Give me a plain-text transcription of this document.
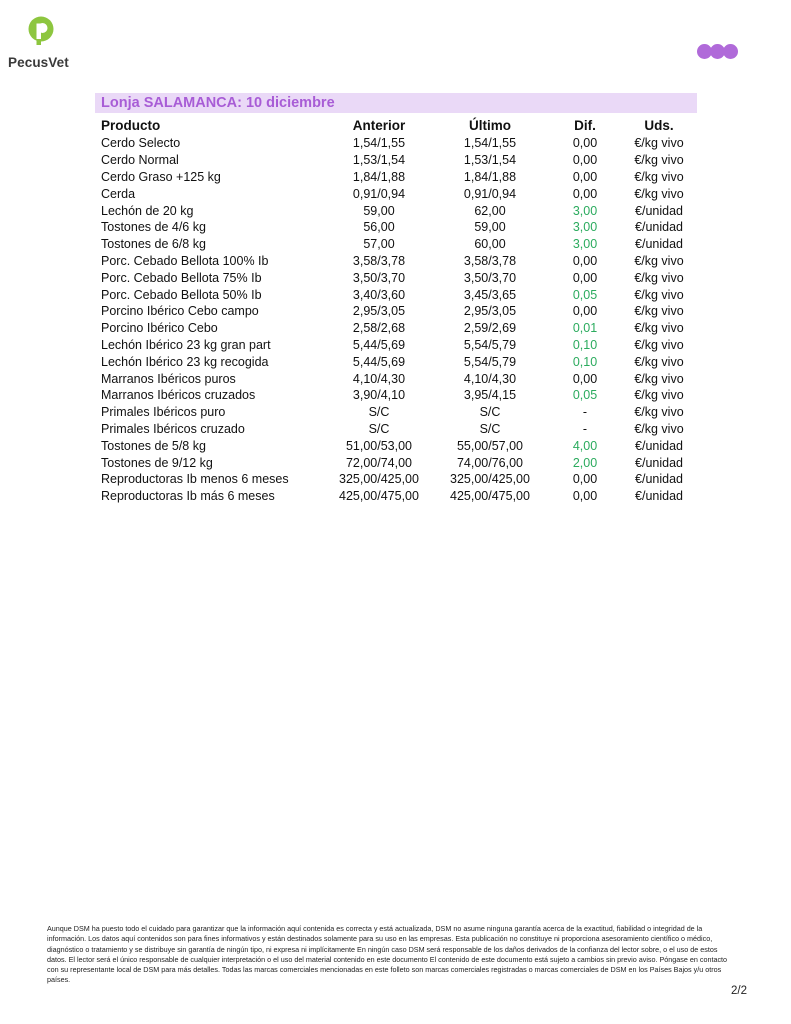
P
PecusVet
Lonja SALAMANCA: 10 diciembre
Producto	Anterior	Último	Dif.	Uds.
Cerdo Selecto	1,54/1,55	1,54/1,55	0,00	€/kg vivo
Cerdo Normal	1,53/1,54	1,53/1,54	0,00	€/kg vivo
Cerdo Graso +125 kg	1,84/1,88	1,84/1,88	0,00	€/kg vivo
Cerda	0,91/0,94	0,91/0,94	0,00	€/kg vivo
Lechón de 20 kg	59,00	62,00	3,00	€/unidad
Tostones de 4/6 kg	56,00	59,00	3,00	€/unidad
Tostones de 6/8 kg	57,00	60,00	3,00	€/unidad
Porc. Cebado Bellota 100% Ib	3,58/3,78	3,58/3,78	0,00	€/kg vivo
Porc. Cebado Bellota 75% Ib	3,50/3,70	3,50/3,70	0,00	€/kg vivo
Porc. Cebado Bellota 50% Ib	3,40/3,60	3,45/3,65	0,05	€/kg vivo
Porcino Ibérico Cebo campo	2,95/3,05	2,95/3,05	0,00	€/kg vivo
Porcino Ibérico Cebo	2,58/2,68	2,59/2,69	0,01	€/kg vivo
Lechón Ibérico 23 kg gran part	5,44/5,69	5,54/5,79	0,10	€/kg vivo
Lechón Ibérico 23 kg recogida	5,44/5,69	5,54/5,79	0,10	€/kg vivo
Marranos Ibéricos puros	4,10/4,30	4,10/4,30	0,00	€/kg vivo
Marranos Ibéricos cruzados	3,90/4,10	3,95/4,15	0,05	€/kg vivo
Primales Ibéricos puro	S/C	S/C	-	€/kg vivo
Primales Ibéricos cruzado	S/C	S/C	-	€/kg vivo
Tostones de 5/8 kg	51,00/53,00	55,00/57,00	4,00	€/unidad
Tostones de 9/12 kg	72,00/74,00	74,00/76,00	2,00	€/unidad
Reproductoras Ib menos 6 meses	325,00/425,00	325,00/425,00	0,00	€/unidad
Reproductoras Ib más 6 meses	425,00/475,00	425,00/475,00	0,00	€/unidad
Aunque DSM ha puesto todo el cuidado para garantizar que la información aquí contenida es correcta y está actualizada, DSM no asume ninguna garantía acerca de la exactitud, fiabilidad o integridad de la información. Los datos aquí contenidos son para fines informativos y están destinados solamente para su uso en las empresas. Esta publicación no constituye ni proporciona asesoramiento científico o médico, diagnóstico o tratamiento y se distribuye sin garantía de ningún tipo, ni expresa ni implícitamente En ningún caso DSM será responsable de los daños derivados de la confianza del lector sobre, o el uso de estos datos. El lector será el único responsable de cualquier interpretación o el uso del material contenido en este documento El contenido de este documento está sujeto a cambios sin previo aviso. Póngase en contacto con su representante local de DSM para más detalles. Todas las marcas comerciales mencionadas en este folleto son marcas comerciales registradas o marcas comerciales de DSM en los Países Bajos y/u otros países.
2/2
